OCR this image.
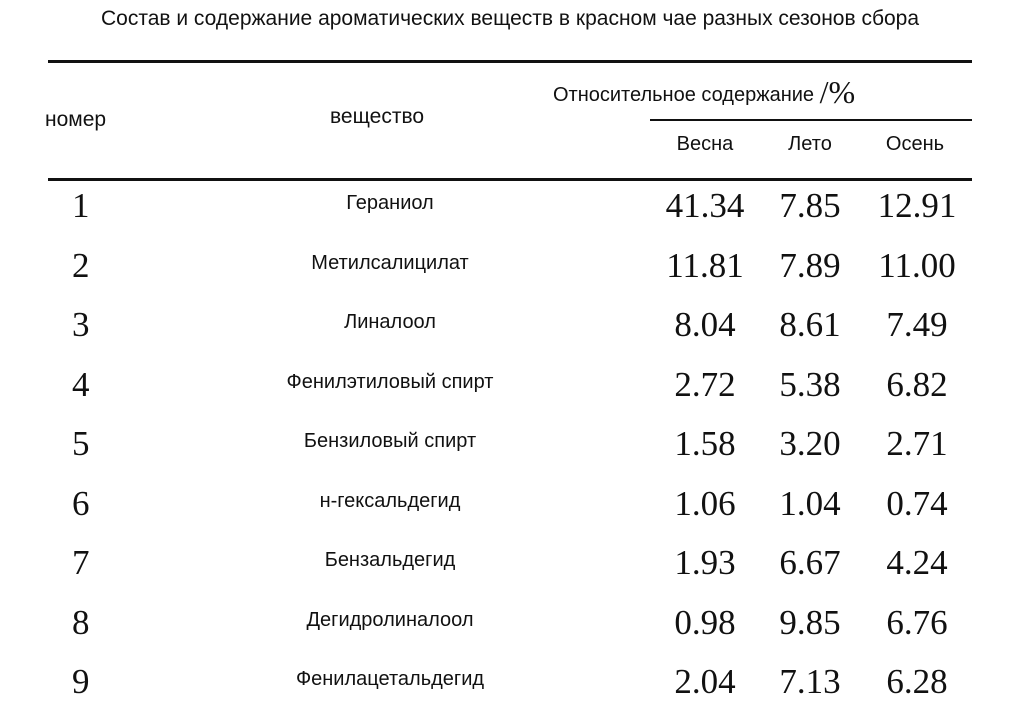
Состав и содержание ароматических веществ в красном чае разных сезонов сбора
номер	вещество
Относительное содержание /%
Весна	Лето	Осень
1	Гераниол	41.34	7.85	12.91
2	Метилсалицилат	11.81	7.89	11.00
3	Линалоол	8.04	8.61	7.49
4	Фенилэтиловый спирт	2.72	5.38	6.82
5	Бензиловый спирт	1.58	3.20	2.71
6	н-гексальдегид	1.06	1.04	0.74
7	Бензальдегид	1.93	6.67	4.24
8	Дегидролиналоол	0.98	9.85	6.76
9	Фенилацетальдегид	2.04	7.13	6.28
